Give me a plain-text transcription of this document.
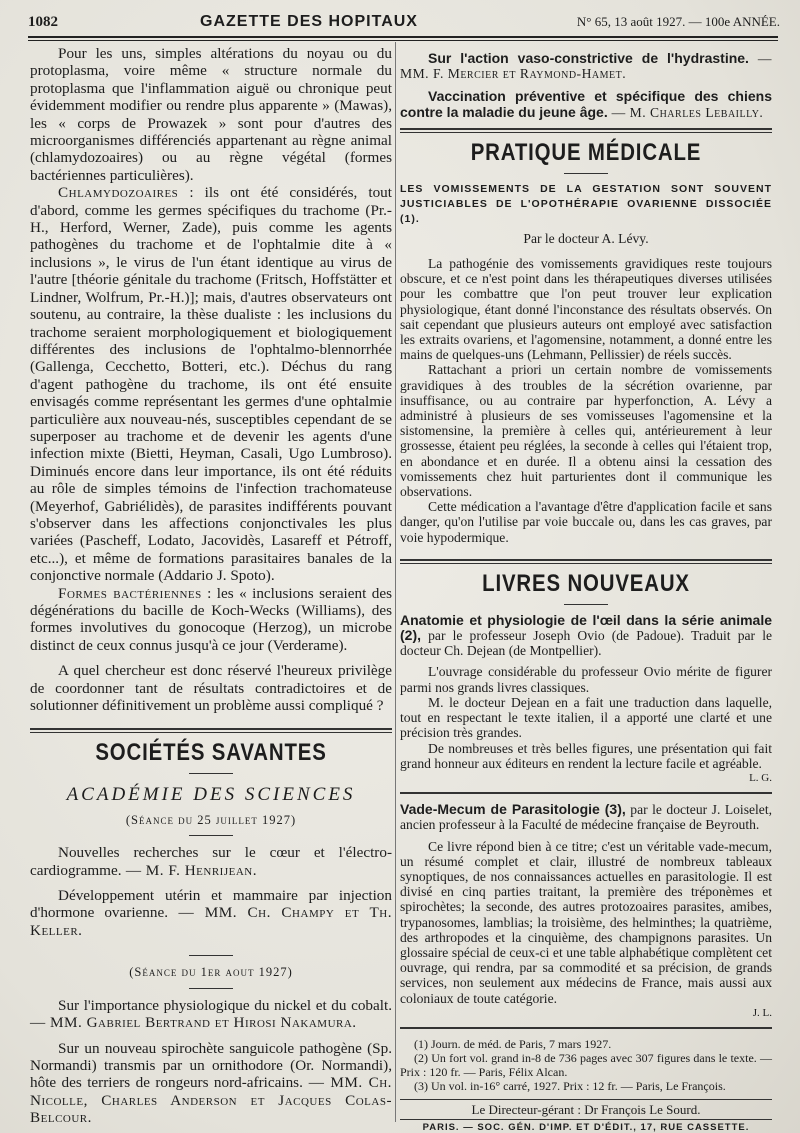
1082	GAZETTE DES HOPITAUX	N° 65, 13 août 1927. — 100e ANNÉE.

Pour les uns, simples altérations du noyau ou du protoplasma, voire même « structure normale du protoplasma que l'inflammation aiguë ou chronique peut évidemment modifier ou rendre plus apparente » (Mawas), les « corps de Prowazek » sont pour d'autres des microorganismes différenciés appartenant au règne animal (chlamydozoaires) ou au règne végétal (formes bactériennes particulières).

Chlamydozoaires : ils ont été considérés, tout d'abord, comme les germes spécifiques du trachome (Pr.-H., Herford, Werner, Zade), puis comme les agents pathogènes du trachome et de l'ophtalmie dite à « inclusions », le virus de l'un étant identique au virus de l'autre [théorie génitale du trachome (Fritsch, Hoffstätter et Lindner, Wolfrum, Pr.-H.)]; mais, d'autres observateurs ont soutenu, au contraire, la thèse dualiste : les inclusions du trachome seraient morphologiquement et biologiquement différentes des inclusions de l'ophtalmo-blennorrhée (Gallenga, Cecchetto, Botteri, etc.). Déchus du rang d'agent pathogène du trachome, ils ont été ensuite envisagés comme représentant les germes d'une ophtalmie particulière aux nouveau-nés, susceptibles cependant de se superposer au trachome et de devenir les agents d'une infection mixte (Bietti, Heyman, Casali, Ugo Lumbroso). Diminués encore dans leur importance, ils ont été réduits au rôle de simples témoins de l'infection trachomateuse (Meyerhof, Gabriélidès), de parasites indifférents pouvant s'observer dans les affections conjonctivales les plus variées (Pascheff, Lodato, Jacovidès, Lasareff et Pétroff, etc...), et même de formations parasitaires banales de la conjonctive normale (Addario J. Spoto).

Formes bactériennes : les « inclusions seraient des dégénérations du bacille de Koch-Wecks (Williams), des formes involutives du gonocoque (Herzog), un microbe distinct de ceux connus jusqu'à ce jour (Verderame).

A quel chercheur est donc réservé l'heureux privilège de coordonner tant de résultats contradictoires et de solutionner définitivement un problème aussi compliqué ?

SOCIÉTÉS SAVANTES
ACADÉMIE DES SCIENCES
(Séance du 25 juillet 1927)

Nouvelles recherches sur le cœur et l'électro-cardiogramme. — M. F. Henrijean.

Développement utérin et mammaire par injection d'hormone ovarienne. — MM. Ch. Champy et Th. Keller.

(Séance du 1er aout 1927)

Sur l'importance physiologique du nickel et du cobalt. — MM. Gabriel Bertrand et Hirosi Nakamura.

Sur un nouveau spirochète sanguicole pathogène (Sp. Normandi) transmis par un ornithodore (Or. Normandi), hôte des terriers de rongeurs nord-africains. — MM. Ch. Nicolle, Charles Anderson et Jacques Colas-Belcour.

Sur l'action vaso-constrictive de l'hydrastine. — MM. F. Mercier et Raymond-Hamet.

Vaccination préventive et spécifique des chiens contre la maladie du jeune âge. — M. Charles Lebailly.

PRATIQUE MÉDICALE
LES VOMISSEMENTS DE LA GESTATION SONT SOUVENT JUSTICIABLES DE L'OPOTHÉRAPIE OVARIENNE DISSOCIÉE (1).
Par le docteur A. Lévy.

La pathogénie des vomissements gravidiques reste toujours obscure, et ce n'est point dans les thérapeutiques diverses utilisées pour les combattre que l'on peut trouver leur explication physiologique, étant donné l'inconstance des résultats observés. On sait cependant que plusieurs auteurs ont employé avec satisfaction les extraits ovariens, et l'agomensine, notamment, a donné entre les mains de quelques-uns (Lehmann, Pellissier) de réels succès.

Rattachant a priori un certain nombre de vomissements gravidiques à des troubles de la sécrétion ovarienne, par insuffisance, ou au contraire par hyperfonction, A. Lévy a administré à plusieurs de ses vomisseuses l'agomensine et la sistomensine, la première à celles qui, antérieurement à leur grossesse, étaient peu réglées, la seconde à celles qui l'étaient trop, en abondance et en durée. Il a obtenu ainsi la cessation des vomissements chez huit parturientes dont il communique les observations.

Cette médication a l'avantage d'être d'application facile et sans danger, qu'on l'utilise par voie buccale ou, dans les cas graves, par voie hypodermique.

LIVRES NOUVEAUX

Anatomie et physiologie de l'œil dans la série animale (2), par le professeur Joseph Ovio (de Padoue). Traduit par le docteur Ch. Dejean (de Montpellier).

L'ouvrage considérable du professeur Ovio mérite de figurer parmi nos grands livres classiques.

M. le docteur Dejean en a fait une traduction dans laquelle, tout en respectant le texte italien, il a apporté une clarté et une précision très grandes.

De nombreuses et très belles figures, une présentation qui fait grand honneur aux éditeurs en rendent la lecture facile et agréable.

L. G.

Vade-Mecum de Parasitologie (3), par le docteur J. Loiselet, ancien professeur à la Faculté de médecine française de Beyrouth.

Ce livre répond bien à ce titre; c'est un véritable vade-mecum, un résumé complet et clair, illustré de nombreux tableaux synoptiques, de nos connaissances actuelles en parasitologie. Il est divisé en cinq parties traitant, la première des tréponèmes et spirochètes; la seconde, des autres protozoaires parasites, amibes, trypanosomes, lamblias; la troisième, des helminthes; la quatrième, des arthropodes et la cinquième, des champignons parasites. Un glossaire spécial de ceux-ci et une table alphabétique complètent cet ouvrage, qui rendra, par sa commodité et sa précision, de grands services, non seulement aux médecins de France, mais aussi aux coloniaux de toute catégorie.

J. L.

(1) Journ. de méd. de Paris, 7 mars 1927.

(2) Un fort vol. grand in-8 de 736 pages avec 307 figures dans le texte. — Prix : 120 fr. — Paris, Félix Alcan.

(3) Un vol. in-16° carré, 1927. Prix : 12 fr. — Paris, Le François.

Le Directeur-gérant : Dr François Le Sourd.
PARIS. — SOC. GÉN. D'IMP. ET D'ÉDIT., 17, RUE CASSETTE.
